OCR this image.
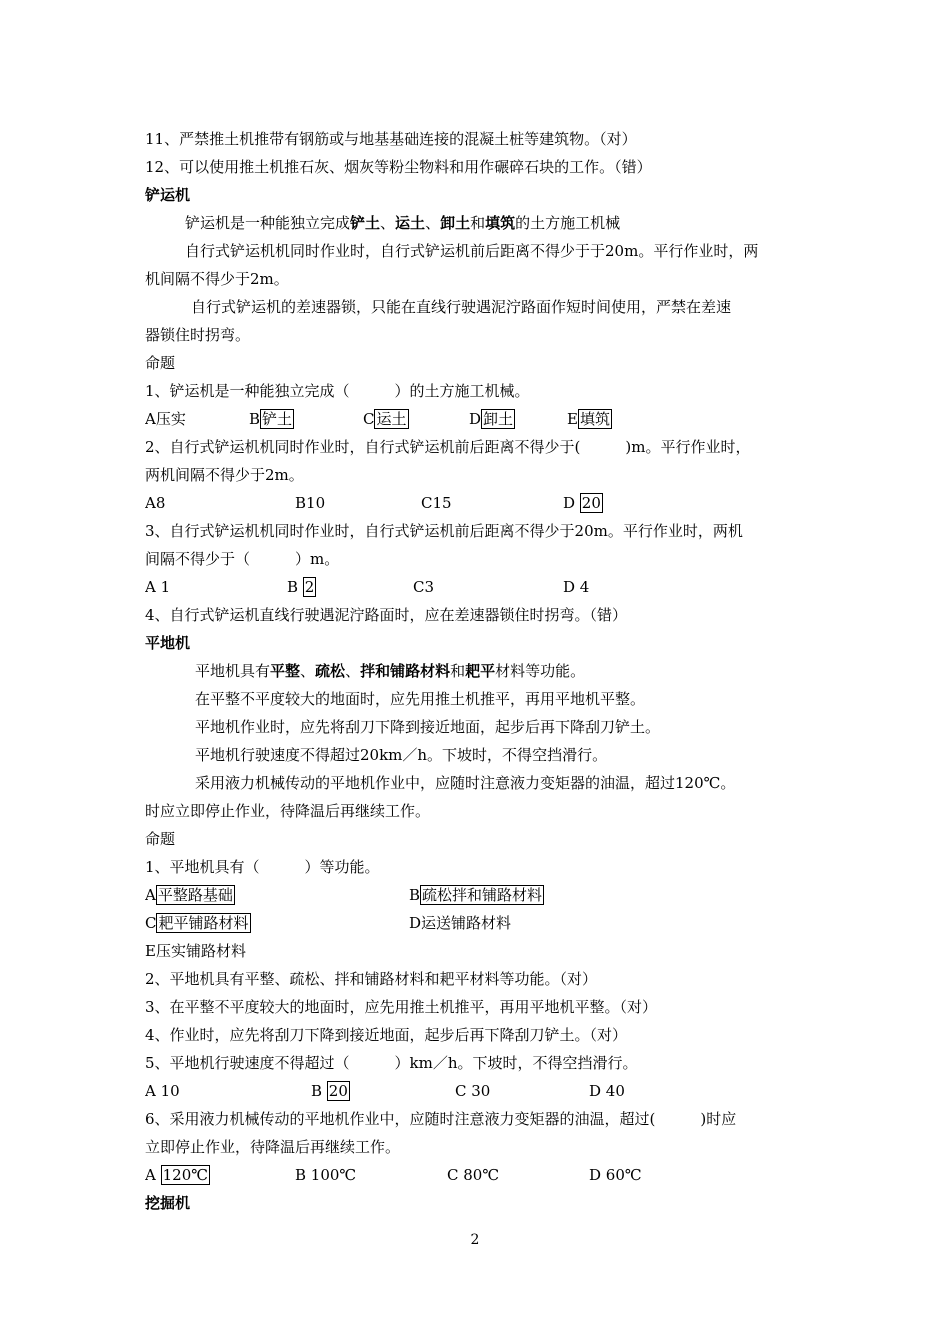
11、严禁推土机推带有钢筋或与地基基础连接的混凝土桩等建筑物。（对）
12、可以使用推土机推石灰、烟灰等粉尘物料和用作碾碎石块的工作。（错）
铲运机
铲运机是一种能独立完成铲土、运土、卸土和填筑的土方施工机械
自行式铲运机机同时作业时，自行式铲运机前后距离不得少于于20m。平行作业时，两
机间隔不得少于2m。
自行式铲运机的差速器锁，只能在直线行驶遇泥泞路面作短时间使用，严禁在差速
器锁住时拐弯。
命题
1、铲运机是一种能独立完成（　　　）的土方施工机械。
A压实	B 铲土	C 运土	D 卸土	E 填筑
2、自行式铲运机机同时作业时，自行式铲运机前后距离不得少于(　　　)m。平行作业时，
两机间隔不得少于2m。
A8	B10	C15	D 20
3、自行式铲运机机同时作业时，自行式铲运机前后距离不得少于20m。平行作业时，两机
间隔不得少于（　　　）m。
A 1	B 2	C3	D 4
4、自行式铲运机直线行驶遇泥泞路面时，应在差速器锁住时拐弯。（错）
平地机
平地机具有平整、疏松、拌和铺路材料和耙平材料等功能。
在平整不平度较大的地面时，应先用推土机推平，再用平地机平整。
平地机作业时，应先将刮刀下降到接近地面，起步后再下降刮刀铲土。
平地机行驶速度不得超过20km／h。下坡时，不得空挡滑行。
采用液力机械传动的平地机作业中，应随时注意液力变矩器的油温，超过120℃。
时应立即停止作业，待降温后再继续工作。
命题
1、平地机具有（　　　）等功能。
A 平整路基础	B 疏松拌和铺路材料
C 耙平铺路材料	D运送铺路材料
E压实铺路材料
2、平地机具有平整、疏松、拌和铺路材料和耙平材料等功能。（对）
3、在平整不平度较大的地面时，应先用推土机推平，再用平地机平整。（对）
4、作业时，应先将刮刀下降到接近地面，起步后再下降刮刀铲土。（对）
5、平地机行驶速度不得超过（　　　）km／h。下坡时，不得空挡滑行。
A 10	B 20	C 30	D 40
6、采用液力机械传动的平地机作业中，应随时注意液力变矩器的油温，超过(　　　)时应
立即停止作业，待降温后再继续工作。
A 120℃	B 100℃	C 80℃	D 60℃
挖掘机
2
